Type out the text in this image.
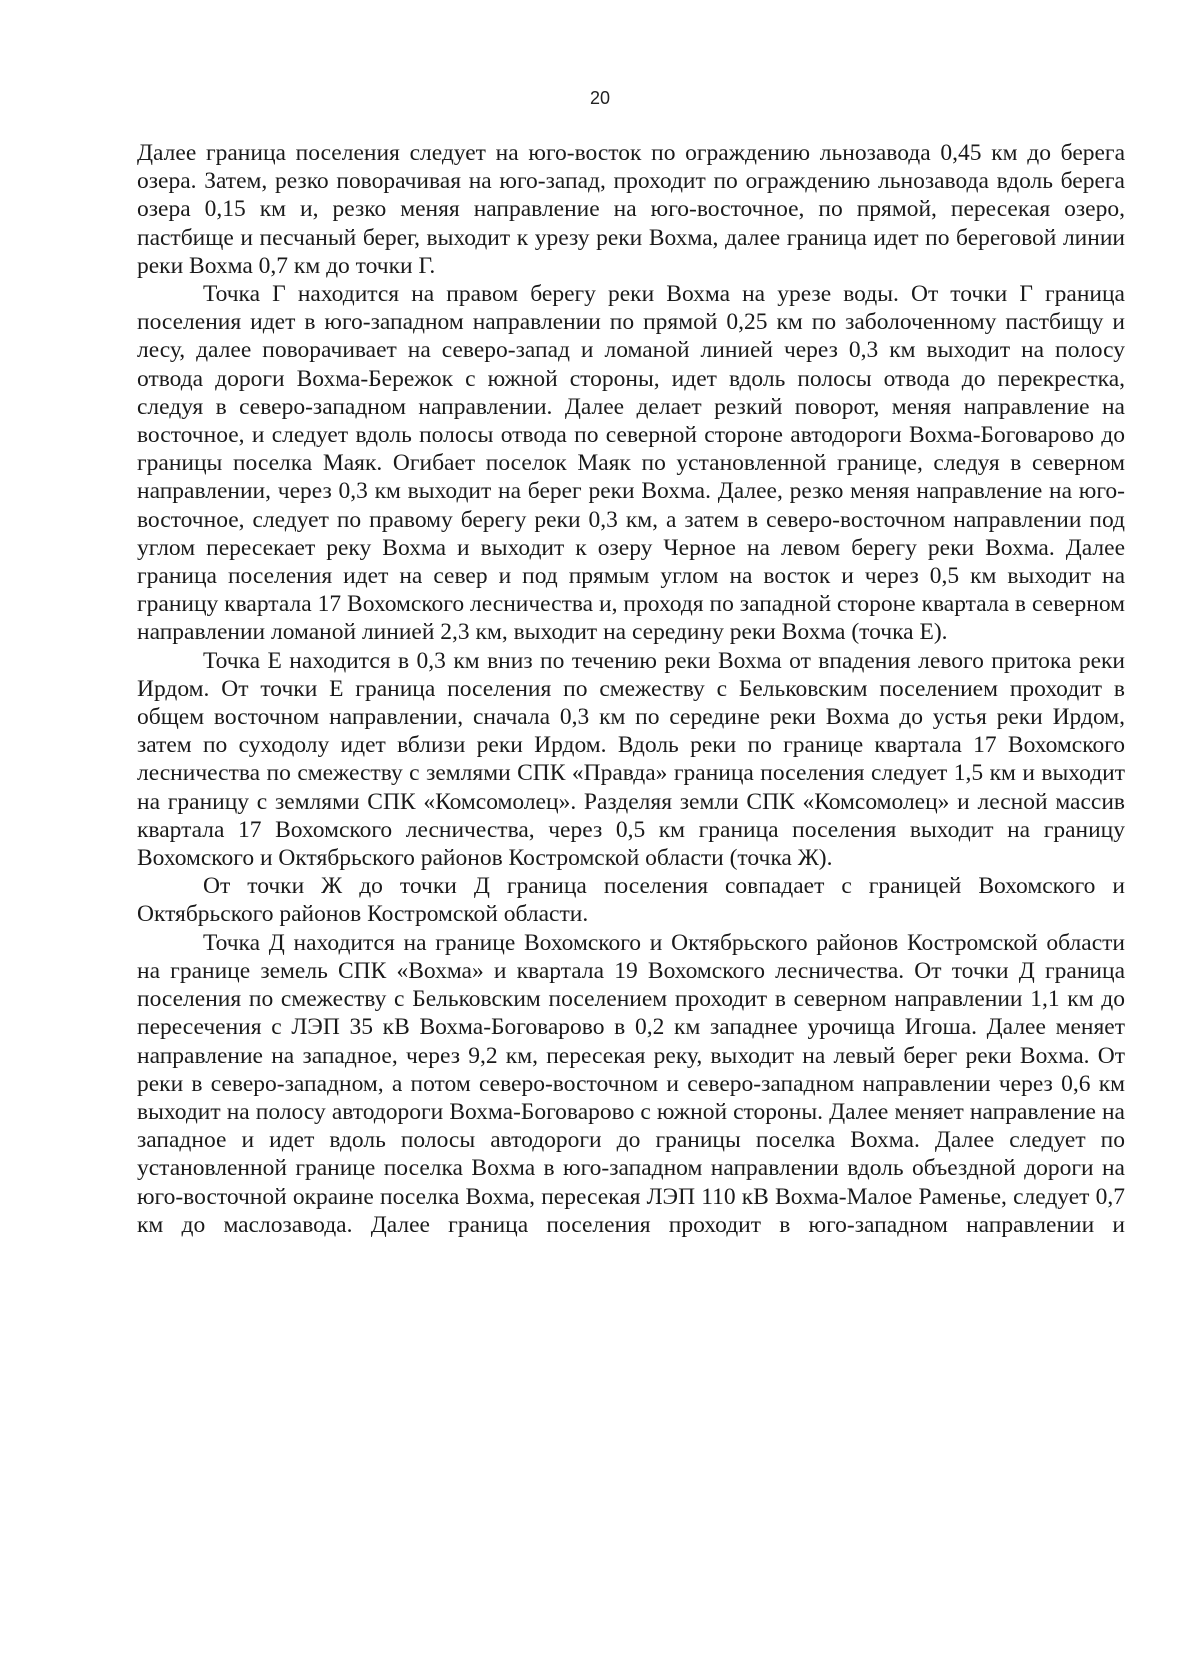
20

Далее граница поселения следует на юго-восток по ограждению льнозавода 0,45 км до берега озера. Затем, резко поворачивая на юго-запад, проходит по ограждению льнозавода вдоль берега озера 0,15 км и, резко меняя направление на юго-восточное, по прямой, пересекая озеро, пастбище и песчаный берег, выходит к урезу реки Вохма, далее граница идет по береговой линии реки Вохма 0,7 км до точки Г.

Точка Г находится на правом берегу реки Вохма на урезе воды. От точки Г граница поселения идет в юго-западном направлении по прямой 0,25 км по заболоченному пастбищу и лесу, далее поворачивает на северо-запад и ломаной линией через 0,3 км выходит на полосу отвода дороги Вохма-Бережок с южной стороны, идет вдоль полосы отвода до перекрестка, следуя в северо-западном направлении. Далее делает резкий поворот, меняя направление на восточное, и следует вдоль полосы отвода по северной стороне автодороги Вохма-Боговарово до границы поселка Маяк. Огибает поселок Маяк по установленной границе, следуя в северном направлении, через 0,3 км выходит на берег реки Вохма. Далее, резко меняя направление на юго-восточное, следует по правому берегу реки 0,3 км, а затем в северо-восточном направлении под углом пересекает реку Вохма и выходит к озеру Черное на левом берегу реки Вохма. Далее граница поселения идет на север и под прямым углом на восток и через 0,5 км выходит на границу квартала 17 Вохомского лесничества и, проходя по западной стороне квартала в северном направлении ломаной линией 2,3 км, выходит на середину реки Вохма (точка Е).

Точка Е находится в 0,3 км вниз по течению реки Вохма от впадения левого притока реки Ирдом. От точки Е граница поселения по смежеству с Бельковским поселением проходит в общем восточном направлении, сначала 0,3 км по середине реки Вохма до устья реки Ирдом, затем по суходолу идет вблизи реки Ирдом. Вдоль реки по границе квартала 17 Вохомского лесничества по смежеству с землями СПК «Правда» граница поселения следует 1,5 км и выходит на границу с землями СПК «Комсомолец». Разделяя земли СПК «Комсомолец» и лесной массив квартала 17 Вохомского лесничества, через 0,5 км граница поселения выходит на границу Вохомского и Октябрьского районов Костромской области (точка Ж).

От точки Ж до точки Д граница поселения совпадает с границей Вохомского и Октябрьского районов Костромской области.

Точка Д находится на границе Вохомского и Октябрьского районов Костромской области на границе земель СПК «Вохма» и квартала 19 Вохомского лесничества. От точки Д граница поселения по смежеству с Бельковским поселением проходит в северном направлении 1,1 км до пересечения с ЛЭП 35 кВ Вохма-Боговарово в 0,2 км западнее урочища Игоша. Далее меняет направление на западное, через 9,2 км, пересекая реку, выходит на левый берег реки Вохма. От реки в северо-западном, а потом северо-восточном и северо-западном направлении через 0,6 км выходит на полосу автодороги Вохма-Боговарово с южной стороны. Далее меняет направление на западное и идет вдоль полосы автодороги до границы поселка Вохма. Далее следует по установленной границе поселка Вохма в юго-западном направлении вдоль объездной дороги на юго-восточной окраине поселка Вохма, пересекая ЛЭП 110 кВ Вохма-Малое Раменье, следует 0,7 км до маслозавода. Далее граница поселения проходит в юго-западном направлении и
